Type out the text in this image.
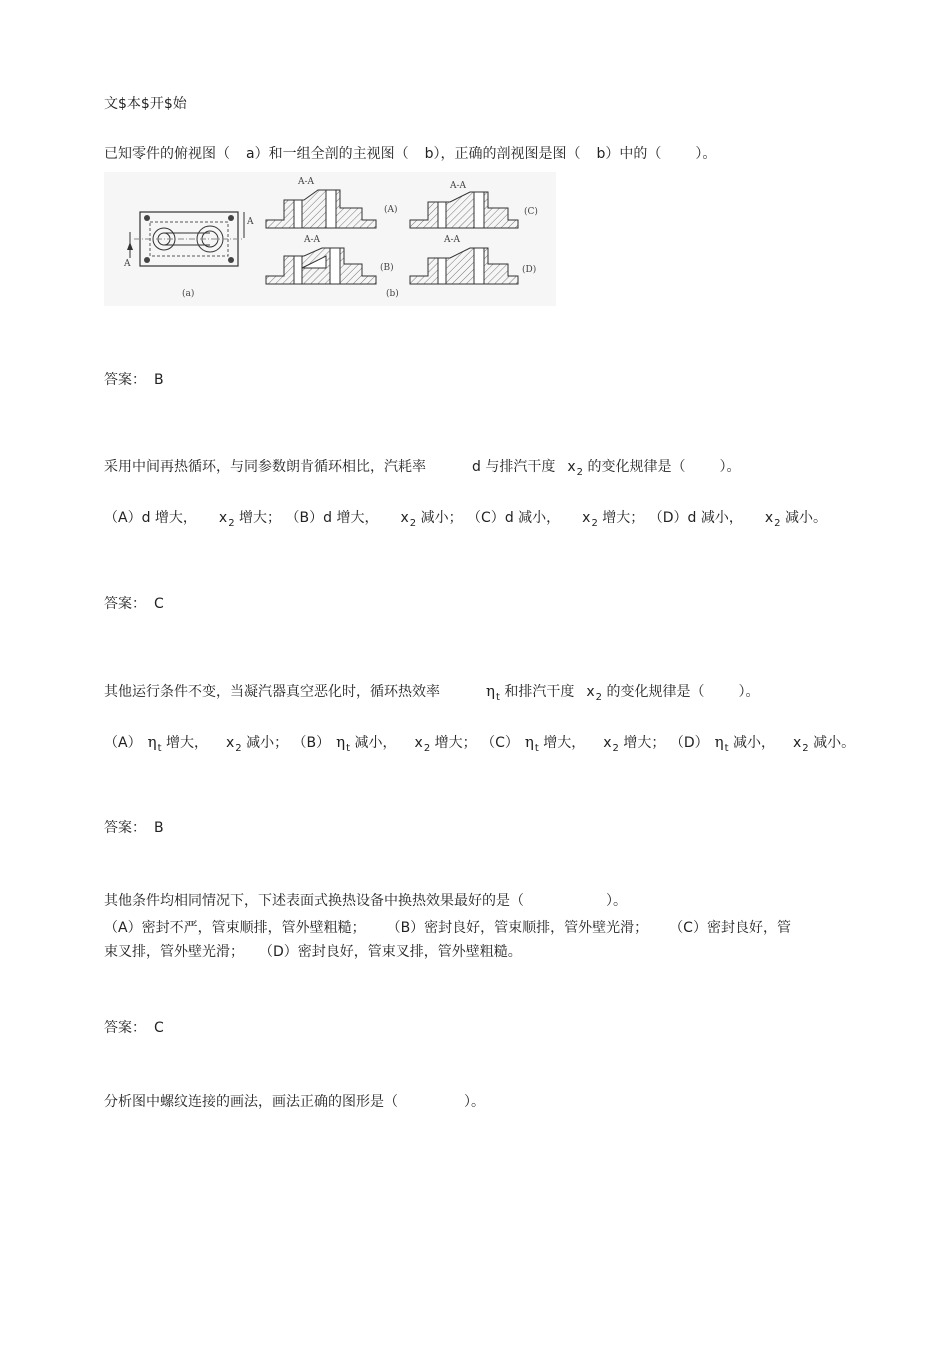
文$本$开$始
已知零件的俯视图（ a）和一组全剖的主视图（ b），正确的剖视图是图（ b）中的（ ）。
A
A
(a)
A-A
(A)
A-A
(C)
A-A
(B)
(b)
A-A
(D)
答案： B
采用中间再热循环，与同参数朗肯循环相比，汽耗率	d 与排汽干度 $x_2$ 的变化规律是（ ）。
（A）d 增大， $x_2$ 增大； （B）d 增大， $x_2$ 减小； （C）d 减小， $x_2$ 增大； （D）d 减小， $x_2$ 减小。
答案： C
其他运行条件不变，当凝汽器真空恶化时，循环热效率	$\eta_t$ 和排汽干度 $x_2$ 的变化规律是（ ）。
（A） $\eta_t$ 增大， $x_2$ 减小； （B） $\eta_t$ 减小， $x_2$ 增大； （C） $\eta_t$ 增大， $x_2$ 增大； （D） $\eta_t$ 减小， $x_2$ 减小。
答案： B
其他条件均相同情况下，下述表面式换热设备中换热效果最好的是（	）。
（A）密封不严，管束顺排，管外壁粗糙； （B）密封良好，管束顺排，管外壁光滑； （C）密封良好，管
束叉排，管外壁光滑； （D）密封良好，管束叉排，管外壁粗糙。
答案： C
分析图中螺纹连接的画法，画法正确的图形是（	）。
